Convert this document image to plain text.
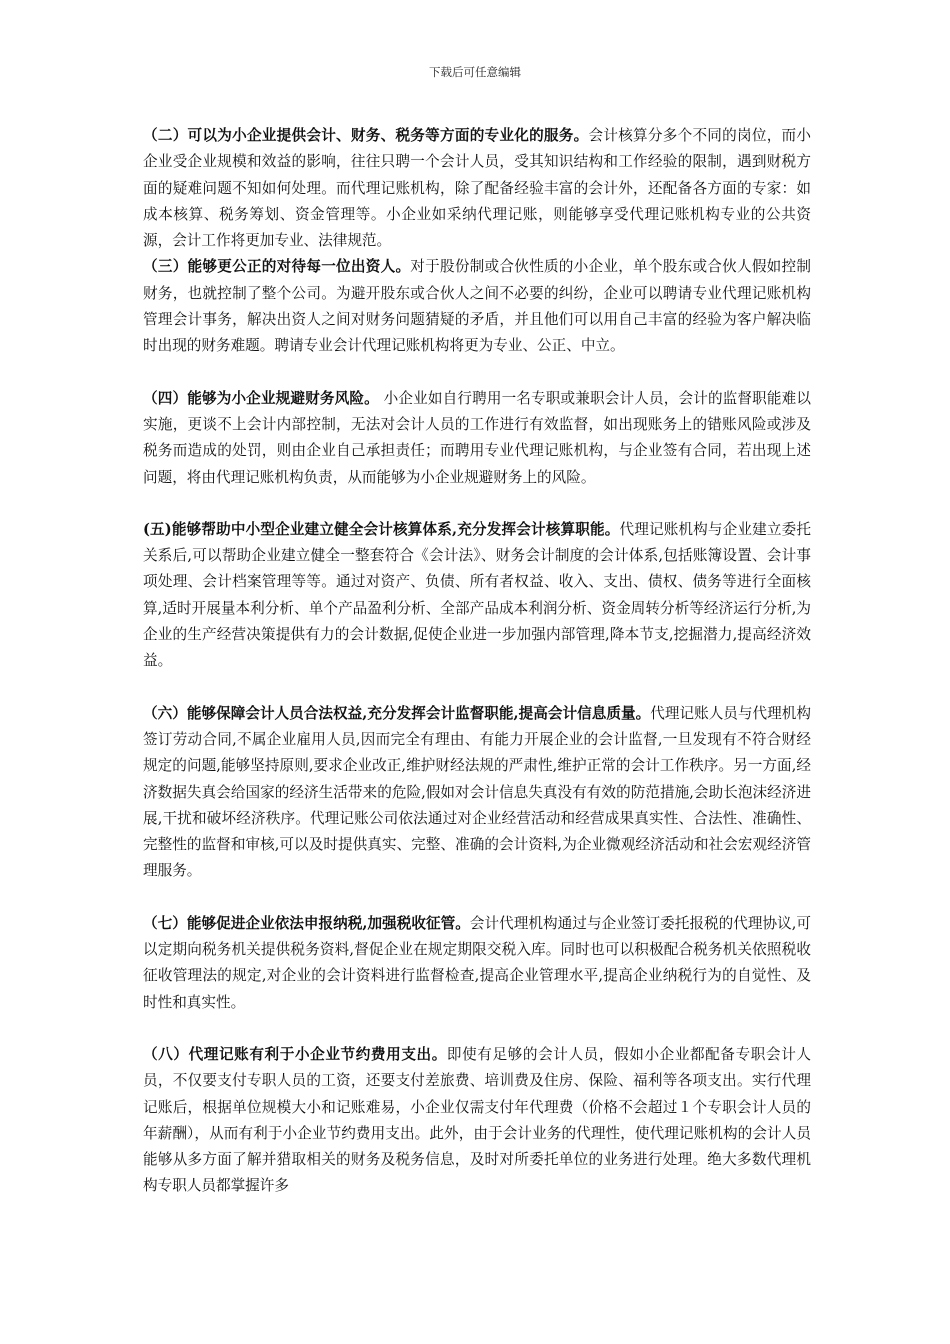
下载后可任意编辑

（二）可以为小企业提供会计、财务、税务等方面的专业化的服务。会计核算分多个不同的岗位，而小企业受企业规模和效益的影响，往往只聘一个会计人员，受其知识结构和工作经验的限制，遇到财税方面的疑难问题不知如何处理。而代理记账机构，除了配备经验丰富的会计外，还配备各方面的专家：如成本核算、税务筹划、资金管理等。小企业如采纳代理记账，则能够享受代理记账机构专业的公共资源，会计工作将更加专业、法律规范。

（三）能够更公正的对待每一位出资人。对于股份制或合伙性质的小企业，单个股东或合伙人假如控制财务，也就控制了整个公司。为避开股东或合伙人之间不必要的纠纷，企业可以聘请专业代理记账机构管理会计事务，解决出资人之间对财务问题猜疑的矛盾，并且他们可以用自己丰富的经验为客户解决临时出现的财务难题。聘请专业会计代理记账机构将更为专业、公正、中立。

（四）能够为小企业规避财务风险。 小企业如自行聘用一名专职或兼职会计人员，会计的监督职能难以实施，更谈不上会计内部控制，无法对会计人员的工作进行有效监督，如出现账务上的错账风险或涉及税务而造成的处罚，则由企业自己承担责任；而聘用专业代理记账机构，与企业签有合同，若出现上述问题，将由代理记账机构负责，从而能够为小企业规避财务上的风险。

(五)能够帮助中小型企业建立健全会计核算体系,充分发挥会计核算职能。代理记账机构与企业建立委托关系后,可以帮助企业建立健全一整套符合《会计法》、财务会计制度的会计体系,包括账簿设置、会计事项处理、会计档案管理等等。通过对资产、负债、所有者权益、收入、支出、债权、债务等进行全面核算,适时开展量本利分析、单个产品盈利分析、全部产品成本利润分析、资金周转分析等经济运行分析,为企业的生产经营决策提供有力的会计数据,促使企业进一步加强内部管理,降本节支,挖掘潜力,提高经济效益。

（六）能够保障会计人员合法权益,充分发挥会计监督职能,提高会计信息质量。代理记账人员与代理机构签订劳动合同,不属企业雇用人员,因而完全有理由、有能力开展企业的会计监督,一旦发现有不符合财经规定的问题,能够坚持原则,要求企业改正,维护财经法规的严肃性,维护正常的会计工作秩序。另一方面,经济数据失真会给国家的经济生活带来的危险,假如对会计信息失真没有有效的防范措施,会助长泡沫经济进展,干扰和破坏经济秩序。代理记账公司依法通过对企业经营活动和经营成果真实性、合法性、准确性、完整性的监督和审核,可以及时提供真实、完整、准确的会计资料,为企业微观经济活动和社会宏观经济管理服务。

（七）能够促进企业依法申报纳税,加强税收征管。会计代理机构通过与企业签订委托报税的代理协议,可以定期向税务机关提供税务资料,督促企业在规定期限交税入库。同时也可以积极配合税务机关依照税收征收管理法的规定,对企业的会计资料进行监督检查,提高企业管理水平,提高企业纳税行为的自觉性、及时性和真实性。

（八）代理记账有利于小企业节约费用支出。即使有足够的会计人员，假如小企业都配备专职会计人员，不仅要支付专职人员的工资，还要支付差旅费、培训费及住房、保险、福利等各项支出。实行代理记账后，根据单位规模大小和记账难易，小企业仅需支付年代理费（价格不会超过１个专职会计人员的年薪酬），从而有利于小企业节约费用支出。此外，由于会计业务的代理性，使代理记账机构的会计人员能够从多方面了解并猎取相关的财务及税务信息，及时对所委托单位的业务进行处理。绝大多数代理机构专职人员都掌握许多
